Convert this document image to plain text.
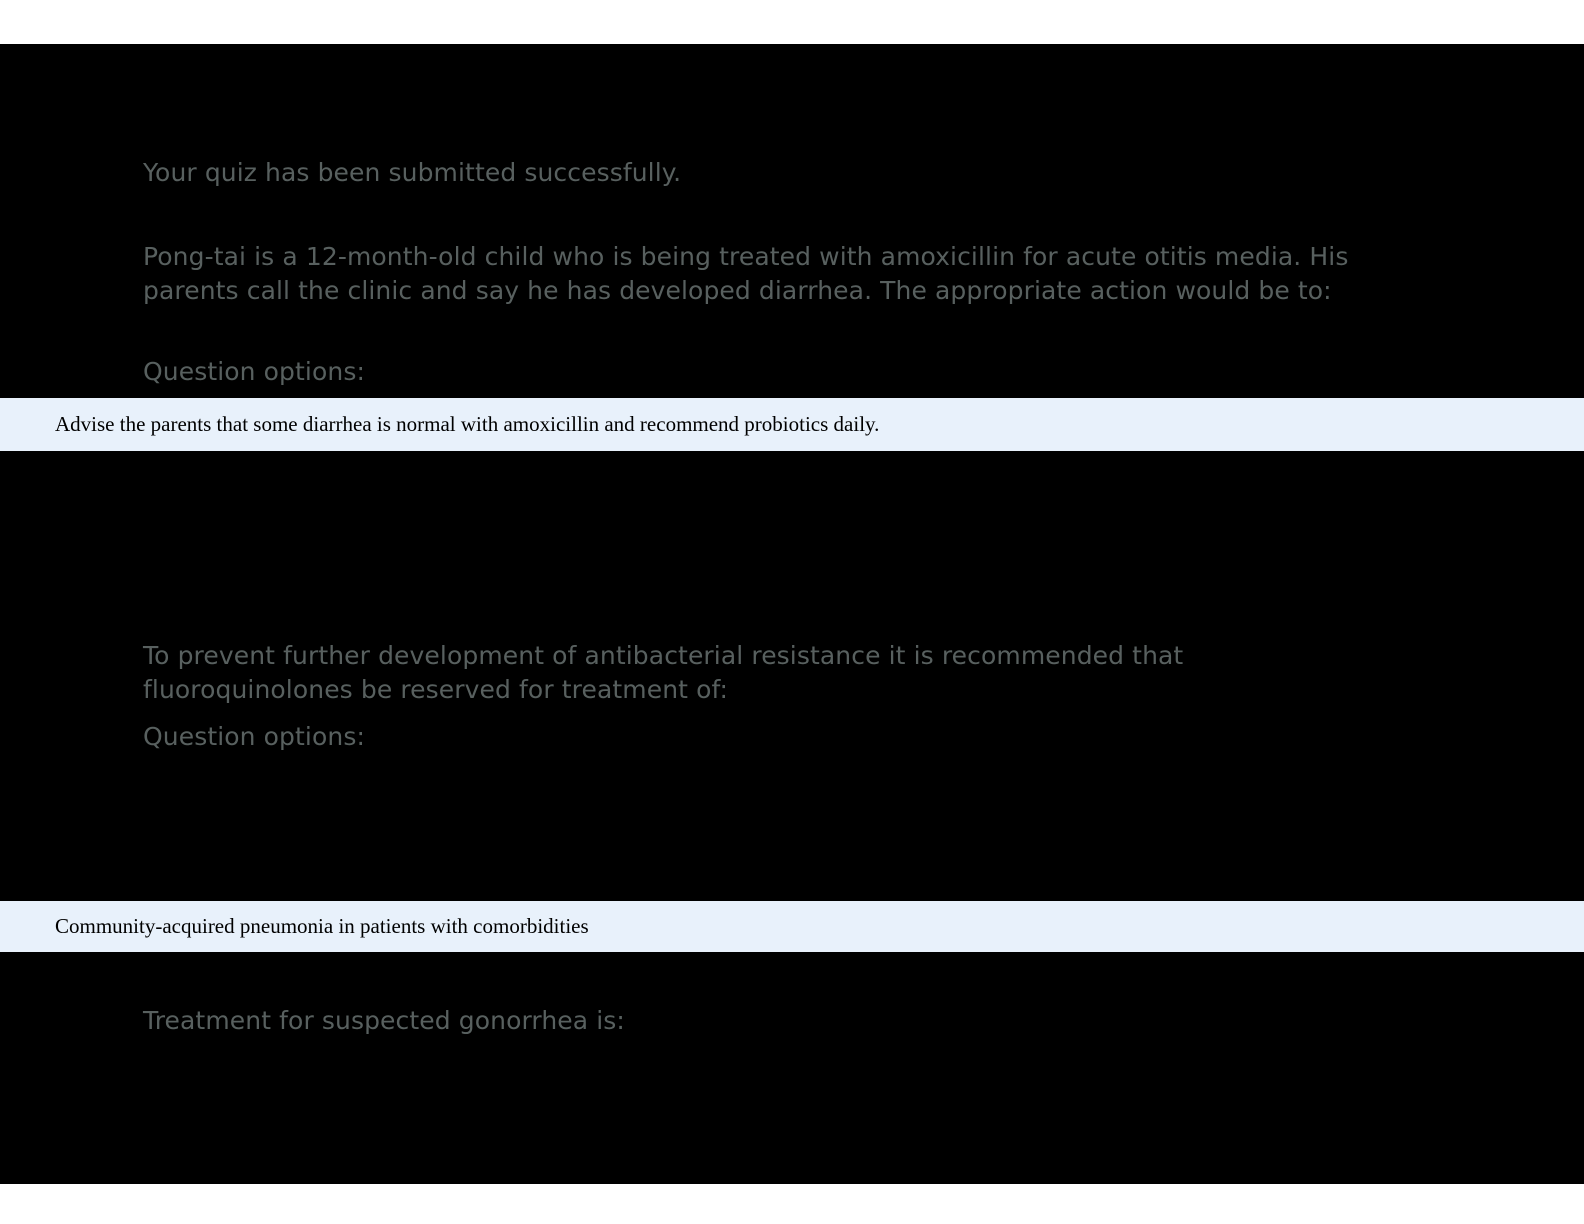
Your quiz has been submitted successfully.
Pong-tai is a 12-month-old child who is being treated with amoxicillin for acute otitis media. His parents call the clinic and say he has developed diarrhea. The appropriate action would be to:
Question options:
Advise the parents that some diarrhea is normal with amoxicillin and recommend probiotics daily.
To prevent further development of antibacterial resistance it is recommended that fluoroquinolones be reserved for treatment of:
Question options:
Community-acquired pneumonia in patients with comorbidities
Treatment for suspected gonorrhea is:
